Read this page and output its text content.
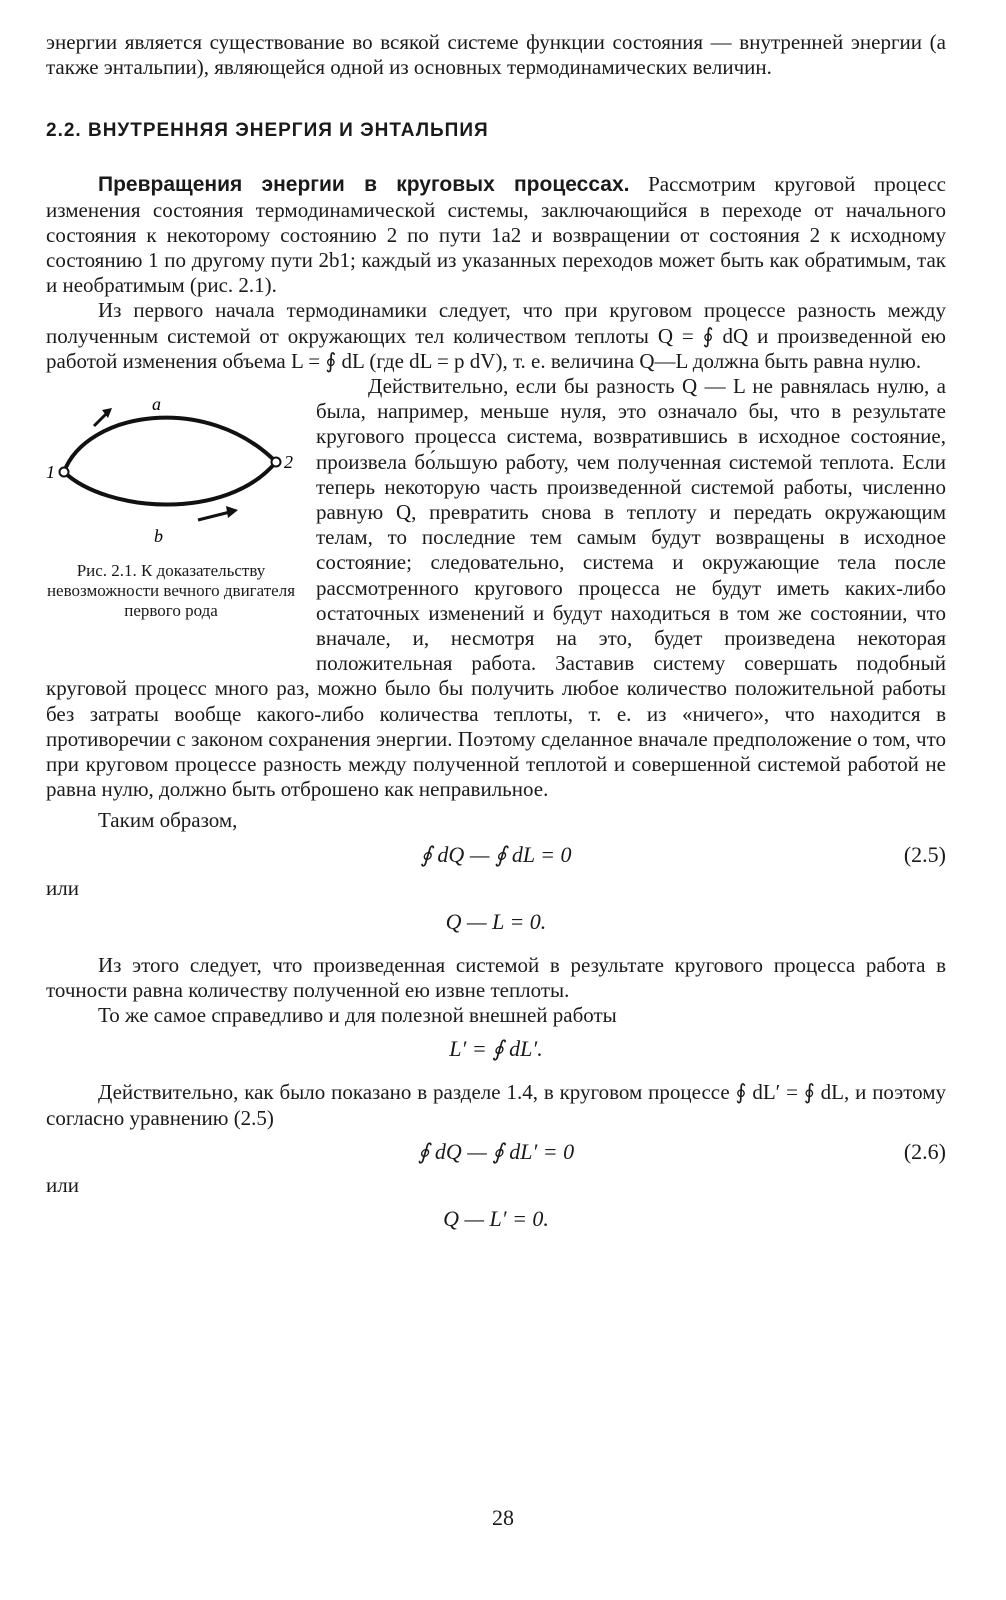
энергии является существование во всякой системе функции состояния — внутренней энергии (а также энтальпии), являющейся одной из основных термодинамических величин.

2.2. ВНУТРЕННЯЯ ЭНЕРГИЯ И ЭНТАЛЬПИЯ

Превращения энергии в круговых процессах. Рассмотрим круговой процесс изменения состояния термодинамической системы, заключающийся в переходе от начального состояния к некоторому состоянию 2 по пути 1a2 и возвращении от состояния 2 к исходному состоянию 1 по другому пути 2b1; каждый из указанных переходов может быть как обратимым, так и необратимым (рис. 2.1).

Из первого начала термодинамики следует, что при круговом процессе разность между полученным системой от окружающих тел количеством теплоты Q = ∮ dQ и произведенной ею работой изменения объема L = ∮ dL (где dL = p dV), т. е. величина Q—L должна быть равна нулю.

a
b
1	2
Рис. 2.1. К доказательству невозможности вечного двигателя первого рода

Действительно, если бы разность Q — L не равнялась нулю, а была, например, меньше нуля, это означало бы, что в результате кругового процесса система, возвратившись в исходное состояние, произвела бо́льшую работу, чем полученная системой теплота. Если теперь некоторую часть произведенной системой работы, численно равную Q, превратить снова в теплоту и передать окружающим телам, то последние тем самым будут возвращены в исходное состояние; следовательно, система и окружающие тела после рассмотренного кругового процесса не будут иметь каких-либо остаточных изменений и будут находиться в том же состоянии, что вначале, и, несмотря на это, будет произведена некоторая положительная работа. Заставив систему совершать подобный круговой процесс много раз, можно было бы получить любое количество положительной работы без затраты вообще какого-либо количества теплоты, т. е. из «ничего», что находится в противоречии с законом сохранения энергии. Поэтому сделанное вначале предположение о том, что при круговом процессе разность между полученной теплотой и совершенной системой работой не равна нулю, должно быть отброшено как неправильное.

Таким образом,

∮ dQ — ∮ dL = 0	(2.5)
или
Q — L = 0.

Из этого следует, что произведенная системой в результате кругового процесса работа в точности равна количеству полученной ею извне теплоты.

То же самое справедливо и для полезной внешней работы

L′ = ∮ dL′.

Действительно, как было показано в разделе 1.4, в круговом процессе ∮ dL′ = ∮ dL, и поэтому согласно уравнению (2.5)

∮ dQ — ∮ dL′ = 0	(2.6)
или
Q — L′ = 0.
28
